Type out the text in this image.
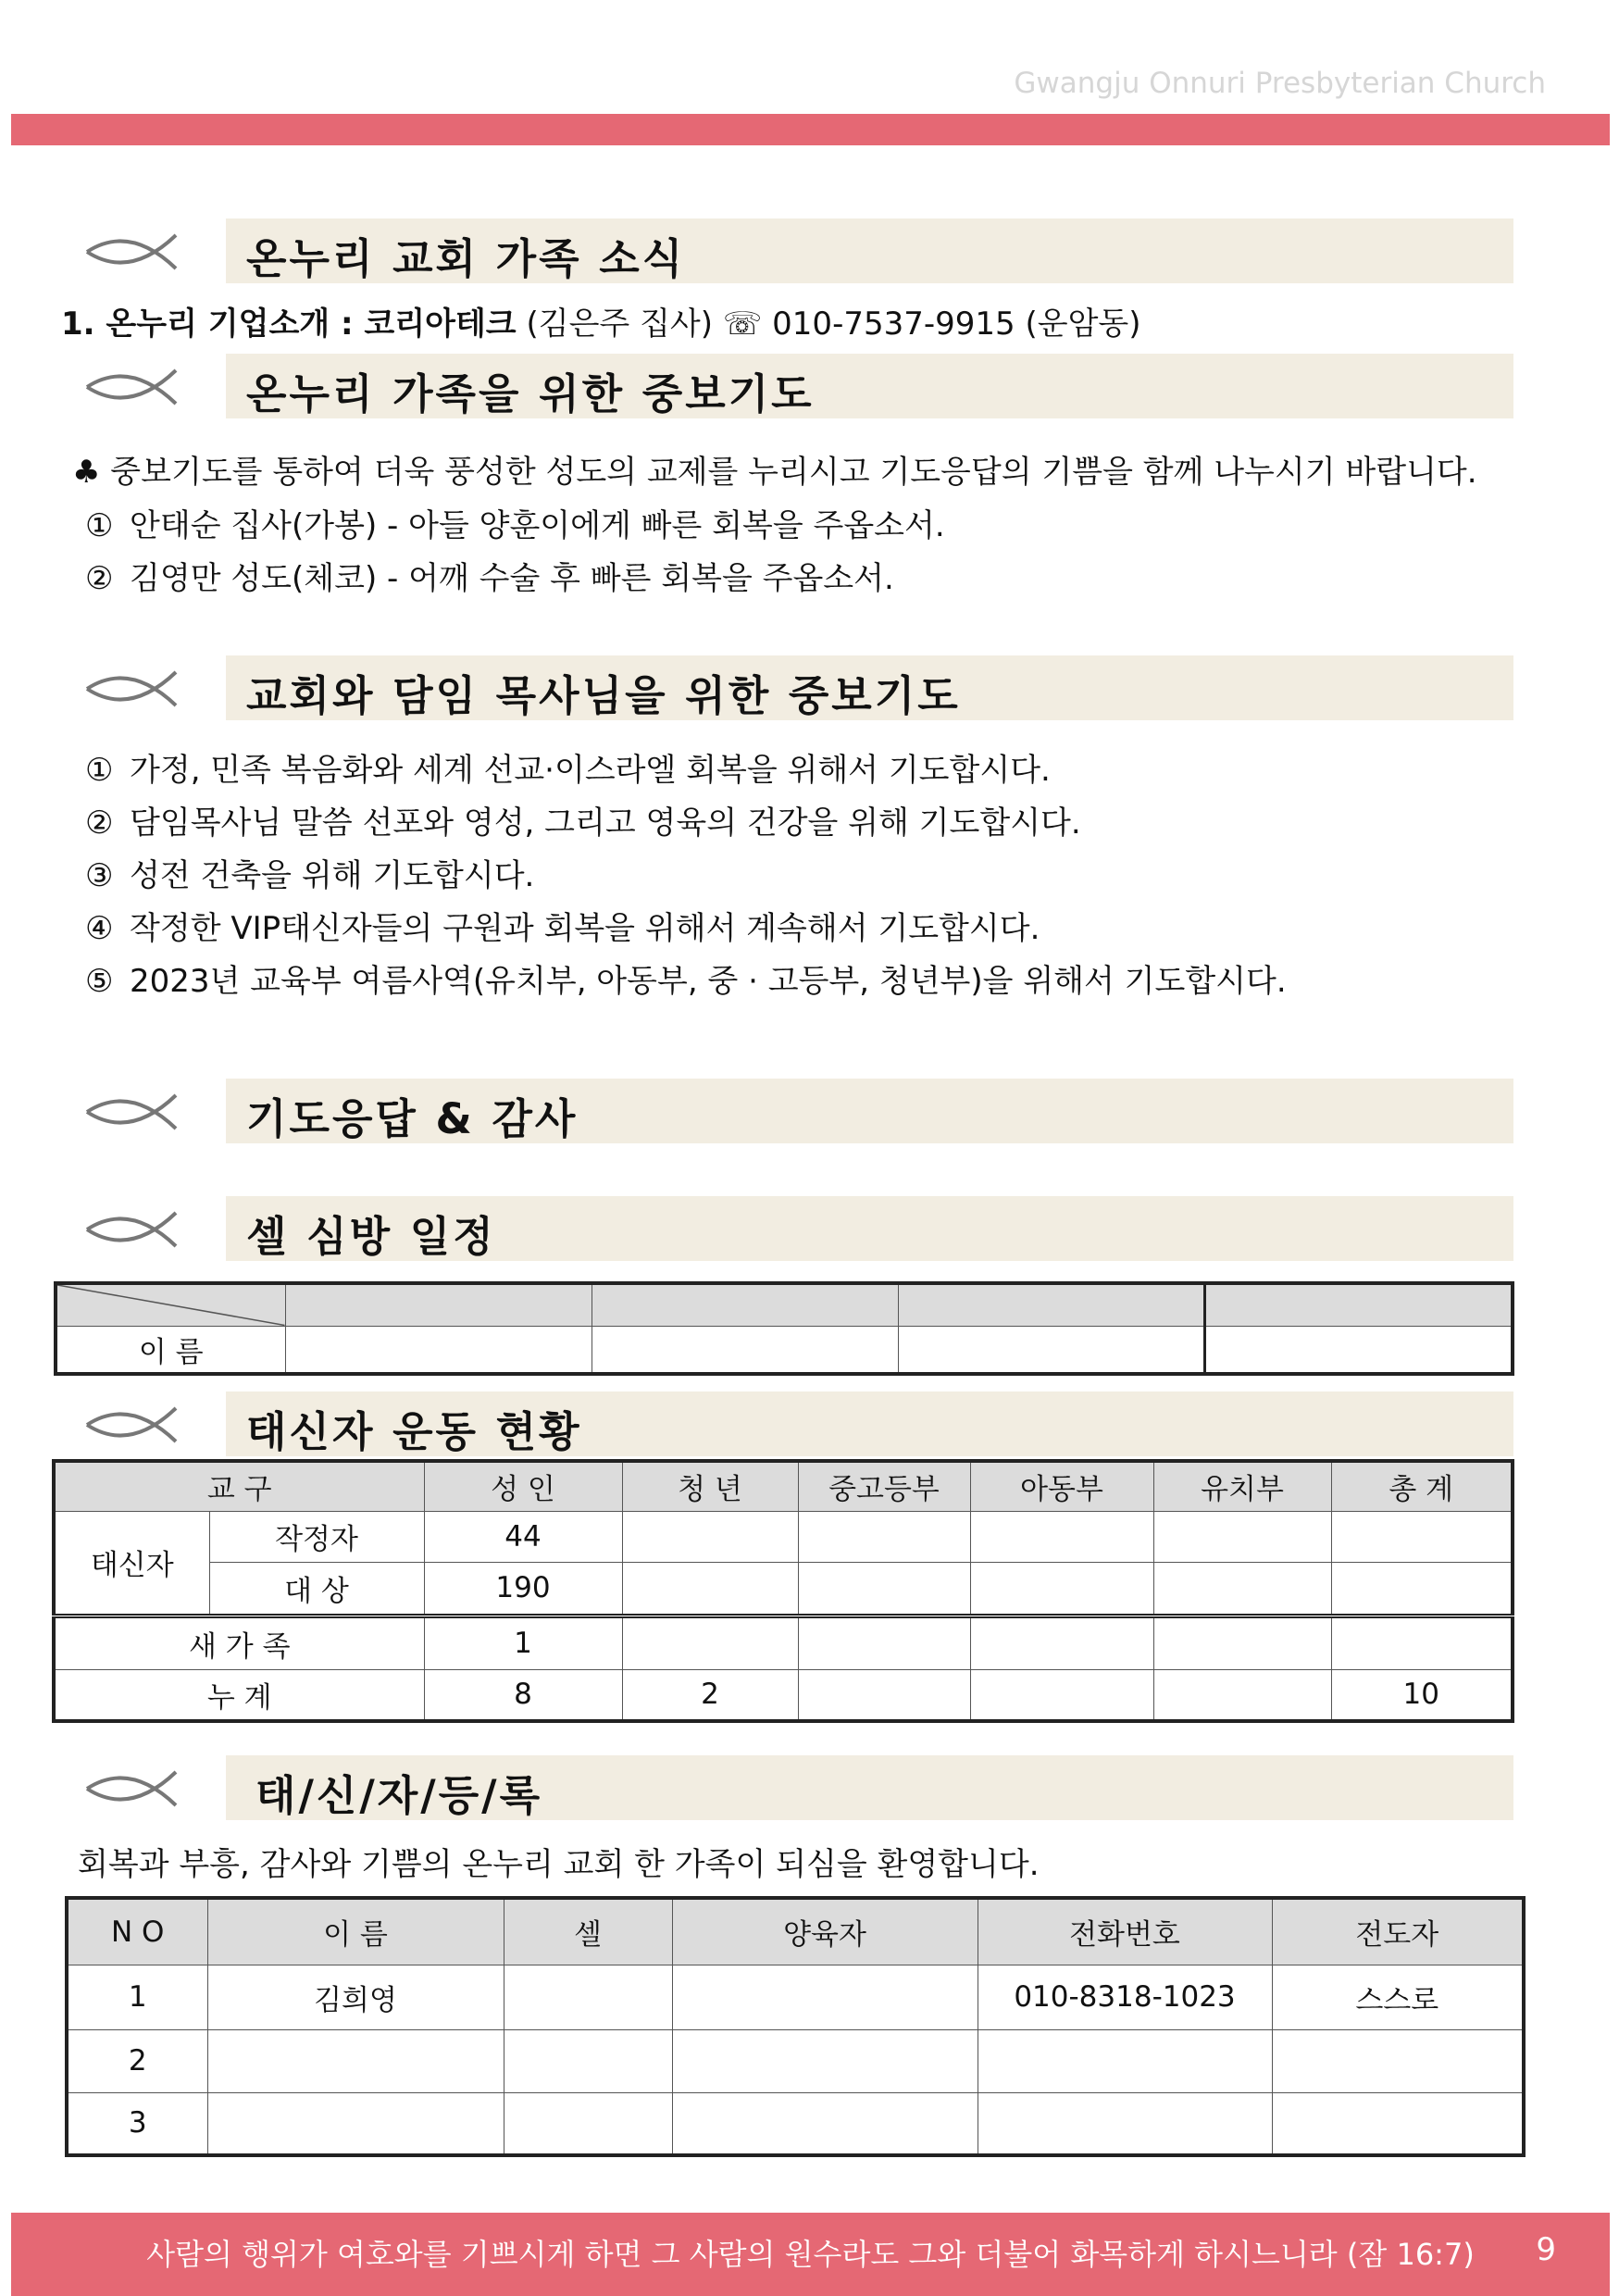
Gwangju Onnuri Presbyterian Church
온누리 교회 가족 소식
1. 온누리 기업소개 : 코리아테크 (김은주 집사) ☏ 010-7537-9915 (운암동)
온누리 가족을 위한 중보기도
♣ 중보기도를 통하여 더욱 풍성한 성도의 교제를 누리시고 기도응답의 기쁨을 함께 나누시기 바랍니다.
① 안태순 집사(가봉) - 아들 양훈이에게 빠른 회복을 주옵소서.
② 김영만 성도(체코) - 어깨 수술 후 빠른 회복을 주옵소서.
교회와 담임 목사님을 위한 중보기도
① 가정, 민족 복음화와 세계 선교·이스라엘 회복을 위해서 기도합시다.
② 담임목사님 말씀 선포와 영성, 그리고 영육의 건강을 위해 기도합시다.
③ 성전 건축을 위해 기도합시다.
④ 작정한 VIP태신자들의 구원과 회복을 위해서 계속해서 기도합시다.
⑤ 2023년 교육부 여름사역(유치부, 아동부, 중 · 고등부, 청년부)을 위해서 기도합시다.
기도응답 & 감사
셀 심방 일정

이 름				
태신자 운동 현황
교 구		성 인	청 년	중고등부	아동부	유치부	총 계
태신자	작정자	44					
	대 상	190					
새 가 족		1					
누 계		8	2				10
태/신/자/등/록
회복과 부흥, 감사와 기쁨의 온누리 교회 한 가족이 되심을 환영합니다.
N O	이 름	셀	양육자	전화번호	전도자
1	김희영			010-8318-1023	스스로
2					
3					
사람의 행위가 여호와를 기쁘시게 하면 그 사람의 원수라도 그와 더불어 화목하게 하시느니라 (잠 16:7)	9
